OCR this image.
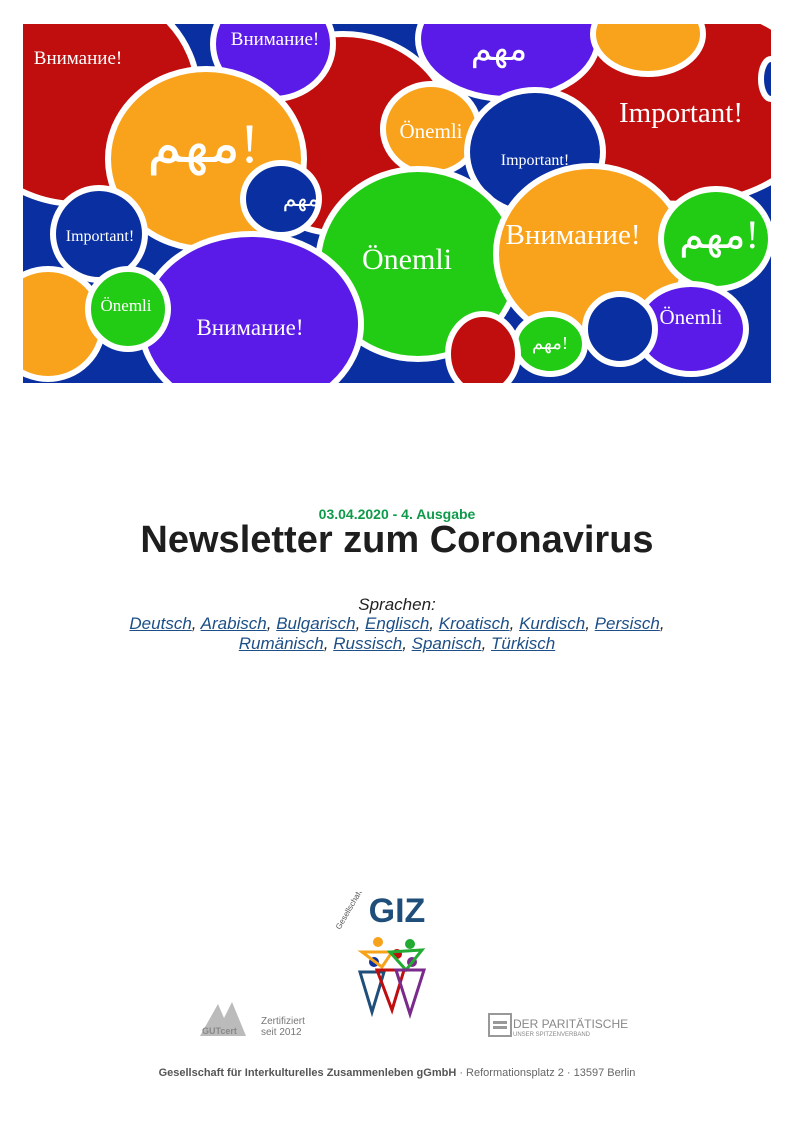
Внимание!
Внимание!	مهم
مهم!	Important!
Önemli
Important!
مهم
Important!
Önemli
Внимание! مهم!
Önemli
Внимание!	Önemli
مهم!
03.04.2020 - 4. Ausgabe
Newsletter zum Coronavirus
Sprachen:
Deutsch, Arabisch, Bulgarisch, Englisch, Kroatisch, Kurdisch, Persisch,
Rumänisch, Russisch, Spanisch, Türkisch
GIZ
GUTcert
Zertifiziert
seit 2012
DER PARITÄTISCHE
UNSER SPITZENVERBAND
Gesellschaft für Interkulturelles Zusammenleben gGmbH · Reformationsplatz 2 · 13597 Berlin
